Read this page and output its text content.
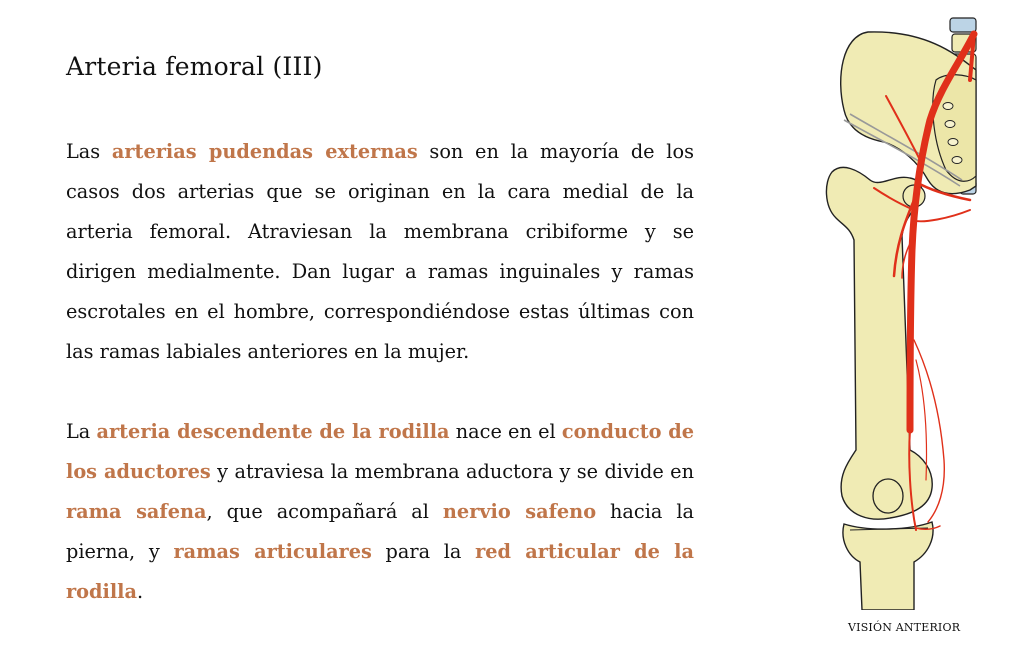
Arteria femoral (III)

Las arterias pudendas externas son en la mayoría de los casos dos arterias que se originan en la cara medial de la arteria femoral. Atraviesan la membrana cribiforme y se dirigen medialmente. Dan lugar a ramas inguinales y ramas escrotales en el hombre, correspondiéndose estas últimas con las ramas labiales anteriores en la mujer.

La arteria descendente de la rodilla nace en el conducto de los aductores y atraviesa la membrana aductora y se divide en rama safena, que acompañará al nervio safeno hacia la pierna, y ramas articulares para la red articular de la rodilla.

VISIÓN ANTERIOR
